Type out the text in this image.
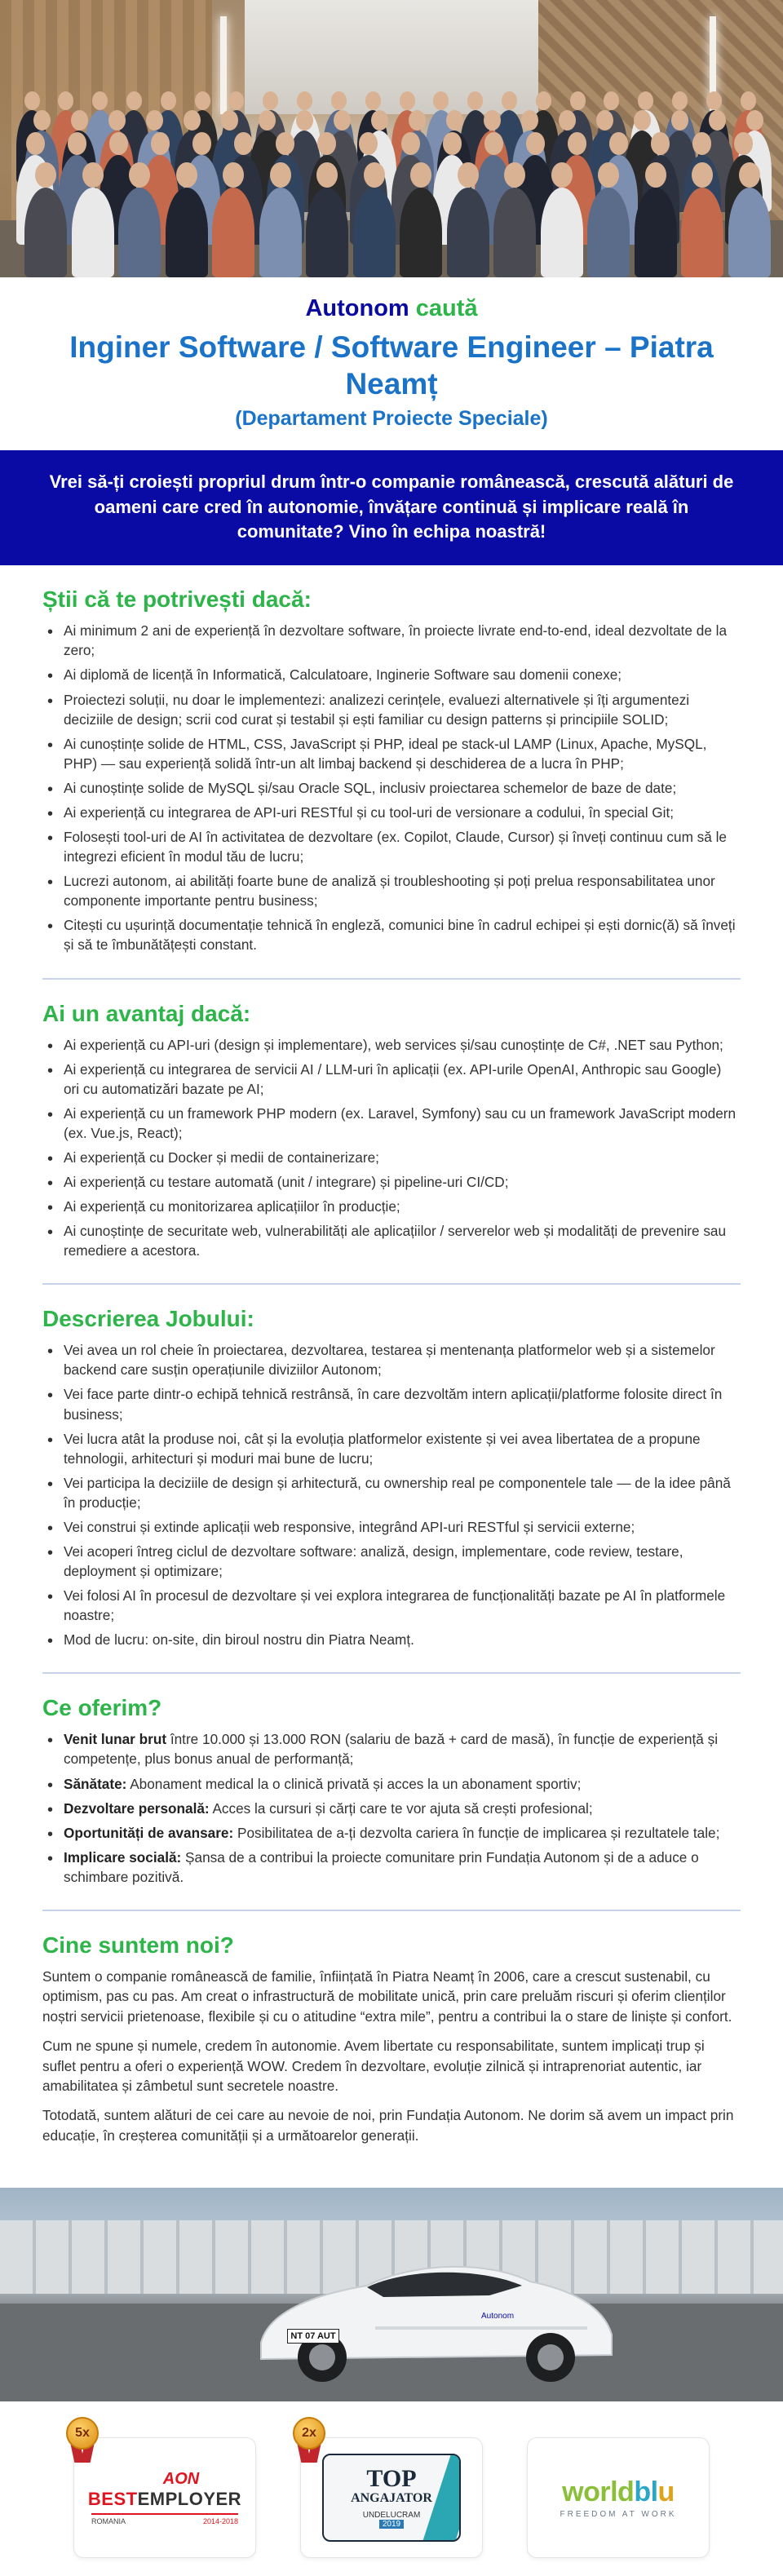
Autonom caută
Inginer Software / Software Engineer – Piatra Neamț
(Departament Proiecte Speciale)
Vrei să-ți croiești propriul drum într-o companie românească, crescută alături de oameni care cred în autonomie, învățare continuă și implicare reală în comunitate? Vino în echipa noastră!
Știi că te potrivești dacă:
• Ai minimum 2 ani de experiență în dezvoltare software, în proiecte livrate end-to-end, ideal dezvoltate de la zero;
• Ai diplomă de licență în Informatică, Calculatoare, Inginerie Software sau domenii conexe;
• Proiectezi soluții, nu doar le implementezi: analizezi cerințele, evaluezi alternativele și îți argumentezi deciziile de design; scrii cod curat și testabil și ești familiar cu design patterns și principiile SOLID;
• Ai cunoștințe solide de HTML, CSS, JavaScript și PHP, ideal pe stack-ul LAMP (Linux, Apache, MySQL, PHP) — sau experiență solidă într-un alt limbaj backend și deschiderea de a lucra în PHP;
• Ai cunoștințe solide de MySQL și/sau Oracle SQL, inclusiv proiectarea schemelor de baze de date;
• Ai experiență cu integrarea de API-uri RESTful și cu tool-uri de versionare a codului, în special Git;
• Folosești tool-uri de AI în activitatea de dezvoltare (ex. Copilot, Claude, Cursor) și înveți continuu cum să le integrezi eficient în modul tău de lucru;
• Lucrezi autonom, ai abilități foarte bune de analiză și troubleshooting și poți prelua responsabilitatea unor componente importante pentru business;
• Citești cu ușurință documentație tehnică în engleză, comunici bine în cadrul echipei și ești dornic(ă) să înveți și să te îmbunătățești constant.
Ai un avantaj dacă:
• Ai experiență cu API-uri (design și implementare), web services și/sau cunoștințe de C#, .NET sau Python;
• Ai experiență cu integrarea de servicii AI / LLM-uri în aplicații (ex. API-urile OpenAI, Anthropic sau Google) ori cu automatizări bazate pe AI;
• Ai experiență cu un framework PHP modern (ex. Laravel, Symfony) sau cu un framework JavaScript modern (ex. Vue.js, React);
• Ai experiență cu Docker și medii de containerizare;
• Ai experiență cu testare automată (unit / integrare) și pipeline-uri CI/CD;
• Ai experiență cu monitorizarea aplicațiilor în producție;
• Ai cunoștințe de securitate web, vulnerabilități ale aplicațiilor / serverelor web și modalități de prevenire sau remediere a acestora.
Descrierea Jobului:
• Vei avea un rol cheie în proiectarea, dezvoltarea, testarea și mentenanța platformelor web și a sistemelor backend care susțin operațiunile diviziilor Autonom;
• Vei face parte dintr-o echipă tehnică restrânsă, în care dezvoltăm intern aplicații/platforme folosite direct în business;
• Vei lucra atât la produse noi, cât și la evoluția platformelor existente și vei avea libertatea de a propune tehnologii, arhitecturi și moduri mai bune de lucru;
• Vei participa la deciziile de design și arhitectură, cu ownership real pe componentele tale — de la idee până în producție;
• Vei construi și extinde aplicații web responsive, integrând API-uri RESTful și servicii externe;
• Vei acoperi întreg ciclul de dezvoltare software: analiză, design, implementare, code review, testare, deployment și optimizare;
• Vei folosi AI în procesul de dezvoltare și vei explora integrarea de funcționalități bazate pe AI în platformele noastre;
• Mod de lucru: on-site, din biroul nostru din Piatra Neamț.
Ce oferim?
• Venit lunar brut între 10.000 și 13.000 RON (salariu de bază + card de masă), în funcție de experiență și competențe, plus bonus anual de performanță;
• Sănătate: Abonament medical la o clinică privată și acces la un abonament sportiv;
• Dezvoltare personală: Acces la cursuri și cărți care te vor ajuta să crești profesional;
• Oportunități de avansare: Posibilitatea de a-ți dezvolta cariera în funcție de implicarea și rezultatele tale;
• Implicare socială: Șansa de a contribui la proiecte comunitare prin Fundația Autonom și de a aduce o schimbare pozitivă.
Cine suntem noi?

Suntem o companie românească de familie, înființată în Piatra Neamț în 2006, care a crescut sustenabil, cu optimism, pas cu pas. Am creat o infrastructură de mobilitate unică, prin care preluăm riscuri și oferim clienților noștri servicii prietenoase, flexibile și cu o atitudine “extra mile”, pentru a contribui la o stare de liniște și confort.

Cum ne spune și numele, credem în autonomie. Avem libertate cu responsabilitate, suntem implicați trup și suflet pentru a oferi o experiență WOW. Credem în dezvoltare, evoluție zilnică și intraprenoriat autentic, iar amabilitatea și zâmbetul sunt secretele noastre.

Totodată, suntem alături de cei care au nevoie de noi, prin Fundația Autonom. Ne dorim să avem un impact prin educație, în creșterea comunității și a următoarelor generații.

Autonom
NT 07 AUT
5x
AON
BESTEMPLOYER
ROMANIA	2014-2018
2x
TOP
ANGAJATOR
UNDELUCRAM
2019
worldblu
FREEDOM AT WORK
